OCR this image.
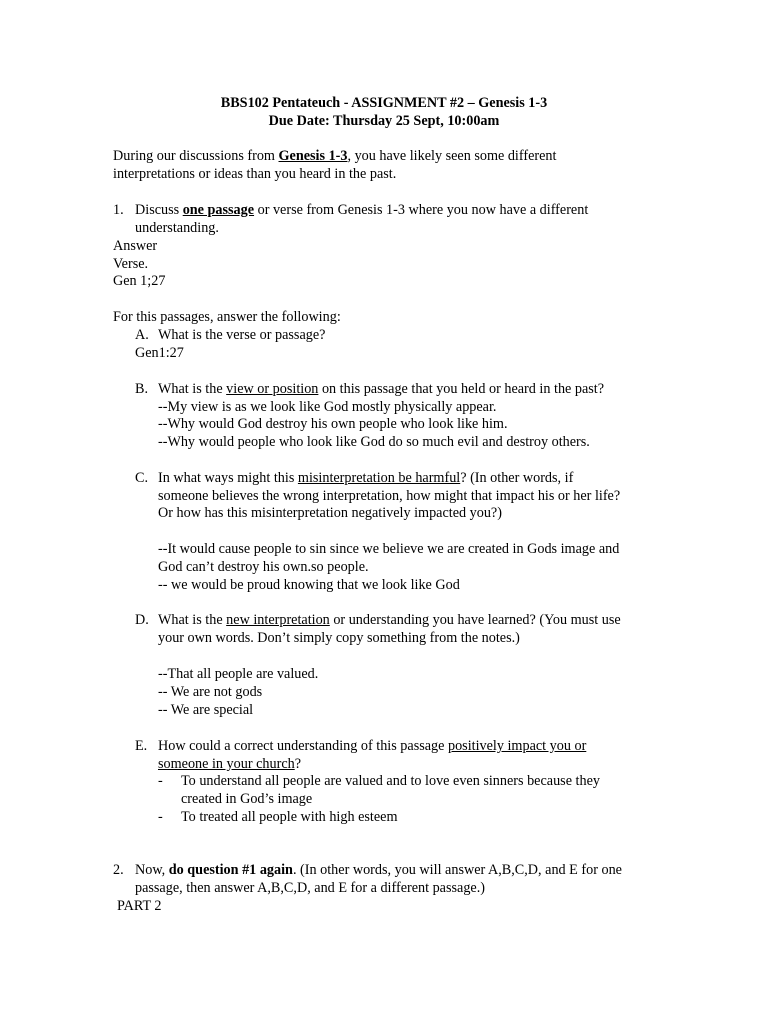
BBS102 Pentateuch - ASSIGNMENT #2 – Genesis 1-3
Due Date: Thursday 25 Sept, 10:00am
During our discussions from Genesis 1-3, you have likely seen some different
interpretations or ideas than you heard in the past.
1. Discuss one passage or verse from Genesis 1-3 where you now have a different
understanding.
Answer
Verse.
Gen 1;27
For this passages, answer the following:
A. What is the verse or passage?
Gen1:27
B. What is the view or position on this passage that you held or heard in the past?
--My view is as we look like God mostly physically appear.
--Why would God destroy his own people who look like him.
--Why would people who look like God do so much evil and destroy others.
C. In what ways might this misinterpretation be harmful? (In other words, if
someone believes the wrong interpretation, how might that impact his or her life?
Or how has this misinterpretation negatively impacted you?)
--It would cause people to sin since we believe we are created in Gods image and
God can’t destroy his own.so people.
-- we would be proud knowing that we look like God
D. What is the new interpretation or understanding you have learned? (You must use
your own words. Don’t simply copy something from the notes.)
--That all people are valued.
-- We are not gods
-- We are special
E. How could a correct understanding of this passage positively impact you or
someone in your church?
- To understand all people are valued and to love even sinners because they
created in God’s image
- To treated all people with high esteem
2. Now, do question #1 again. (In other words, you will answer A,B,C,D, and E for one
passage, then answer A,B,C,D, and E for a different passage.)
PART 2
